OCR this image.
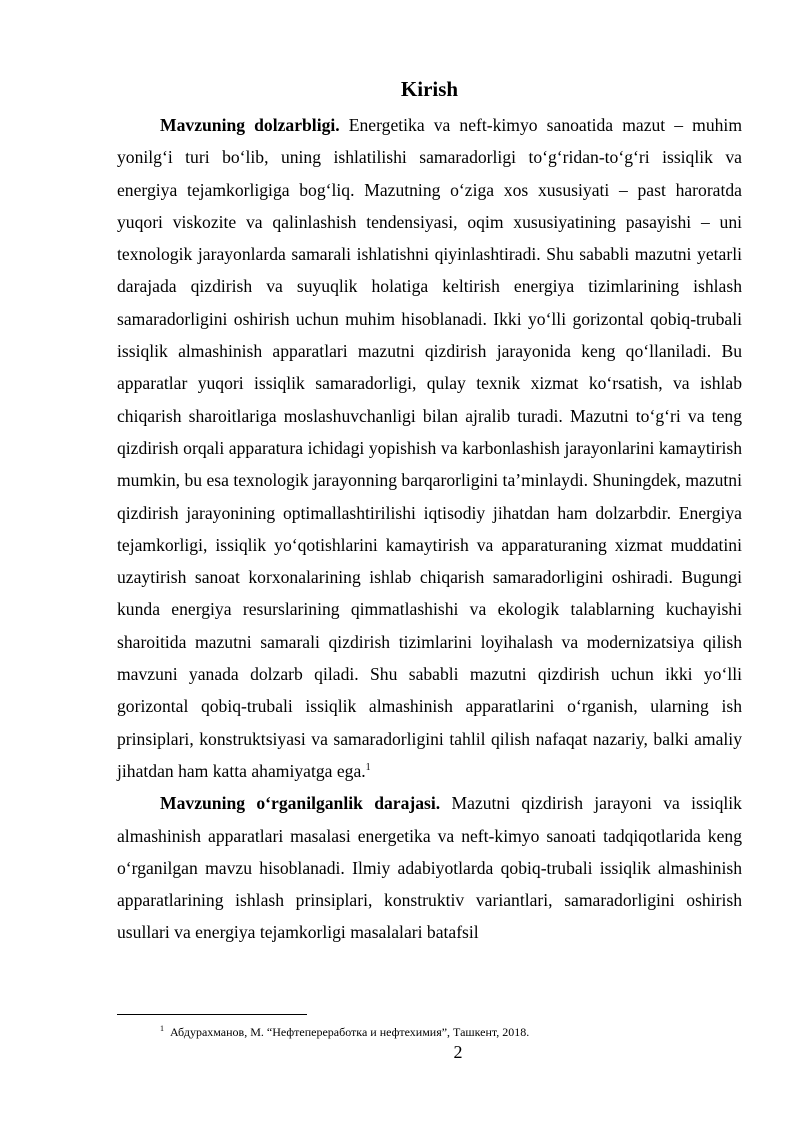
Kirish

Mavzuning dolzarbligi. Energetika va neft-kimyo sanoatida mazut – muhim yonilg‘i turi bo‘lib, uning ishlatilishi samaradorligi to‘g‘ridan-to‘g‘ri issiqlik va energiya tejamkorligiga bog‘liq. Mazutning o‘ziga xos xususiyati – past haroratda yuqori viskozite va qalinlashish tendensiyasi, oqim xususiyatining pasayishi – uni texnologik jarayonlarda samarali ishlatishni qiyinlashtiradi. Shu sababli mazutni yetarli darajada qizdirish va suyuqlik holatiga keltirish energiya tizimlarining ishlash samaradorligini oshirish uchun muhim hisoblanadi. Ikki yo‘lli gorizontal qobiq-trubali issiqlik almashinish apparatlari mazutni qizdirish jarayonida keng qo‘llaniladi. Bu apparatlar yuqori issiqlik samaradorligi, qulay texnik xizmat ko‘rsatish, va ishlab chiqarish sharoitlariga moslashuvchanligi bilan ajralib turadi. Mazutni to‘g‘ri va teng qizdirish orqali apparatura ichidagi yopishish va karbonlashish jarayonlarini kamaytirish mumkin, bu esa texnologik jarayonning barqarorligini ta’minlaydi. Shuningdek, mazutni qizdirish jarayonining optimallashtirilishi iqtisodiy jihatdan ham dolzarbdir. Energiya tejamkorligi, issiqlik yo‘qotishlarini kamaytirish va apparaturaning xizmat muddatini uzaytirish sanoat korxonalarining ishlab chiqarish samaradorligini oshiradi. Bugungi kunda energiya resurslarining qimmatlashishi va ekologik talablarning kuchayishi sharoitida mazutni samarali qizdirish tizimlarini loyihalash va modernizatsiya qilish mavzuni yanada dolzarb qiladi. Shu sababli mazutni qizdirish uchun ikki yo‘lli gorizontal qobiq-trubali issiqlik almashinish apparatlarini o‘rganish, ularning ish prinsiplari, konstruktsiyasi va samaradorligini tahlil qilish nafaqat nazariy, balki amaliy jihatdan ham katta ahamiyatga ega.$^1$

Mavzuning o‘rganilganlik darajasi. Mazutni qizdirish jarayoni va issiqlik almashinish apparatlari masalasi energetika va neft-kimyo sanoati tadqiqotlarida keng o‘rganilgan mavzu hisoblanadi. Ilmiy adabiyotlarda qobiq-trubali issiqlik almashinish apparatlarining ishlash prinsiplari, konstruktiv variantlari, samaradorligini oshirish usullari va energiya tejamkorligi masalalari batafsil

$^1$ Абдурахманов, М. “Нефтепереработка и нефтехимия”, Ташкент, 2018.
2
